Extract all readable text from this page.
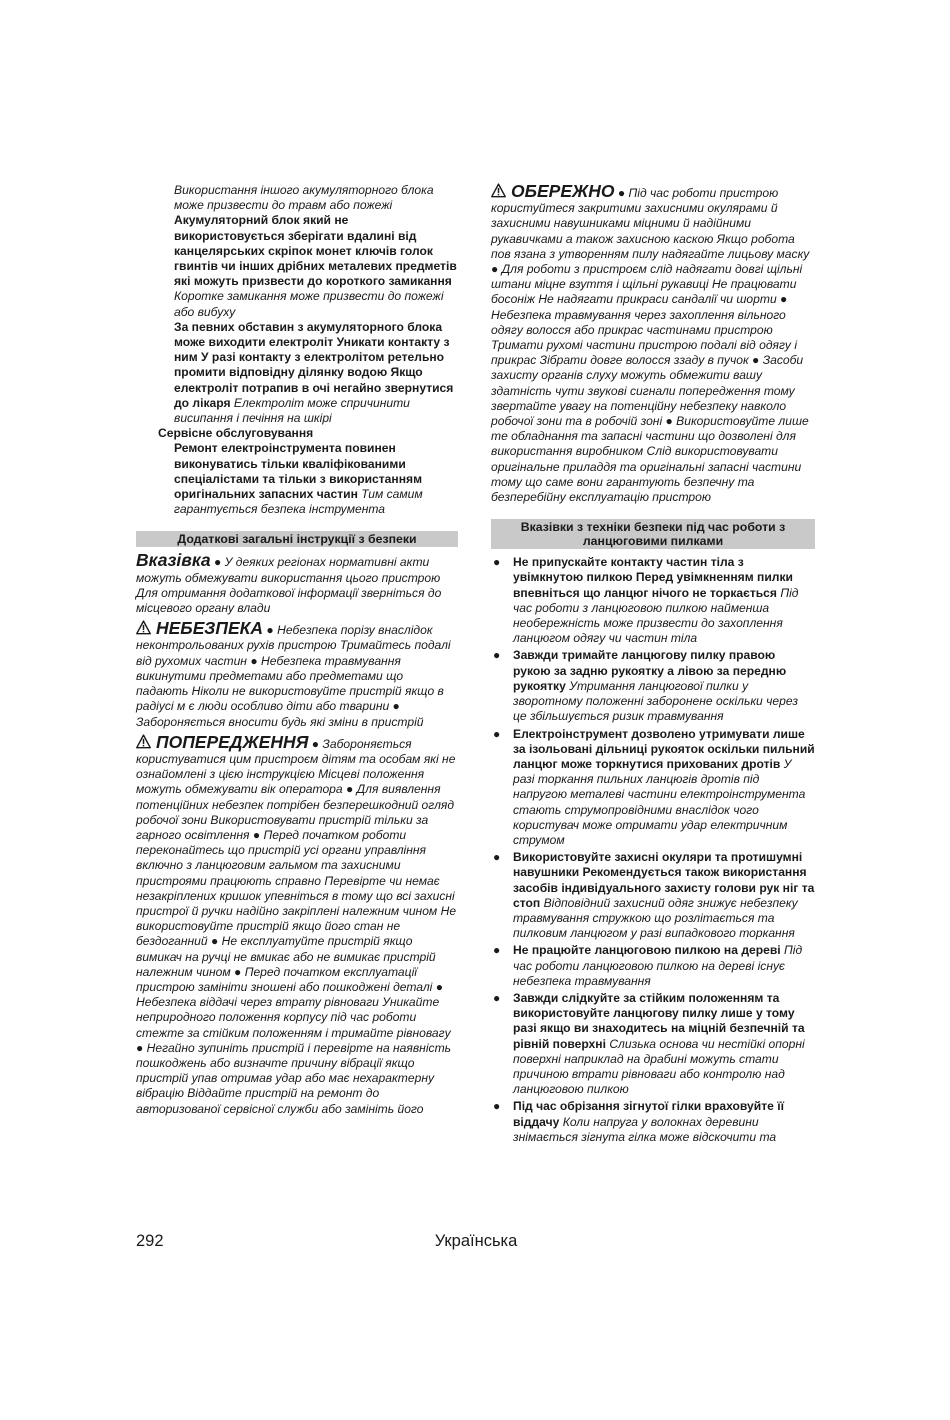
Використання іншого акумуляторного блока може призвести до травм або пожежі

Акумуляторний блок який не використовується зберігати вдалині від канцелярських скріпок монет ключів голок гвинтів чи інших дрібних металевих предметів які можуть призвести до короткого замикання Коротке замикання може призвести до пожежі або вибуху

За певних обставин з акумуляторного блока може виходити електроліт Уникати контакту з ним У разі контакту з електролітом ретельно промити відповідну ділянку водою Якщо електроліт потрапив в очі негайно звернутися до лікаря Електроліт може спричинити висипання і печіння на шкірі

Сервісне обслуговування

Ремонт електроінструмента повинен виконуватись тільки кваліфікованими спеціалістами та тільки з використанням оригінальних запасних частин Тим самим гарантується безпека інструмента

Додаткові загальні інструкції з безпеки

Вказівка ● У деяких регіонах нормативні акти можуть обмежувати використання цього пристрою Для отримання додаткової інформації зверніться до місцевого органу влади

НЕБЕЗПЕКА ● Небезпека порізу внаслідок неконтрольованих рухів пристрою Тримайтесь подалі від рухомих частин ● Небезпека травмування викинутими предметами або предметами що падають Ніколи не використовуйте пристрій якщо в радіусі м є люди особливо діти або тварини ● Забороняється вносити будь які зміни в пристрій

ПОПЕРЕДЖЕННЯ ● Забороняється користуватися цим пристроєм дітям та особам які не ознайомлені з цією інструкцією Місцеві положення можуть обмежувати вік оператора ● Для виявлення потенційних небезпек потрібен безперешкодний огляд робочої зони Використовувати пристрій тільки за гарного освітлення ● Перед початком роботи переконайтесь що пристрій усі органи управління включно з ланцюговим гальмом та захисними пристроями працюють справно Перевірте чи немає незакріплених кришок упевніться в тому що всі захисні пристрої й ручки надійно закріплені належним чином Не використовуйте пристрій якщо його стан не бездоганний ● Не експлуатуйте пристрій якщо вимикач на ручці не вмикає або не вимикає пристрій належним чином ● Перед початком експлуатації пристрою замініти зношені або пошкоджені деталі ● Небезпека віддачі через втрату рівноваги Уникайте неприродного положення корпусу під час роботи стежте за стійким положенням і тримайте рівновагу ● Негайно зупиніть пристрій і перевірте на наявність пошкоджень або визначте причину вібрації якщо пристрій упав отримав удар або має нехарактерну вібрацію Віддайте пристрій на ремонт до авторизованої сервісної служби або замініть його

ОБЕРЕЖНО ● Під час роботи пристрою користуйтеся закритими захисними окулярами й захисними навушниками міцними й надійними рукавичками а також захисною каскою Якщо робота пов язана з утворенням пилу надягайте лицьову маску ● Для роботи з пристроєм слід надягати довгі щільні штани міцне взуття і щільні рукавиці Не працювати босоніж Не надягати прикраси сандалії чи шорти ● Небезпека травмування через захоплення вільного одягу волосся або прикрас частинами пристрою Тримати рухомі частини пристрою подалі від одягу і прикрас Зібрати довге волосся ззаду в пучок ● Засоби захисту органів слуху можуть обмежити вашу здатність чути звукові сигнали попередження тому звертайте увагу на потенційну небезпеку навколо робочої зони та в робочій зоні ● Використовуйте лише те обладнання та запасні частини що дозволені для використання виробником Слід використовувати оригінальне приладдя та оригінальні запасні частини тому що саме вони гарантують безпечну та безперебійну експлуатацію пристрою

Вказівки з техніки безпеки під час роботи з ланцюговими пилками
● Не припускайте контакту частин тіла з увімкнутою пилкою Перед увімкненням пилки впевніться що ланцюг нічого не торкається Під час роботи з ланцюговою пилкою найменша необережність може призвести до захоплення ланцюгом одягу чи частин тіла
● Завжди тримайте ланцюгову пилку правою рукою за задню рукоятку а лівою за передню рукоятку Утримання ланцюгової пилки у зворотному положенні заборонене оскільки через це збільшується ризик травмування
● Електроінструмент дозволено утримувати лише за ізольовані дільниці рукояток оскільки пильний ланцюг може торкнутися прихованих дротів У разі торкання пильних ланцюгів дротів під напругою металеві частини електроінструмента стають струмопровідними внаслідок чого користувач може отримати удар електричним струмом
● Використовуйте захисні окуляри та протишумні навушники Рекомендується також використання засобів індивідуального захисту голови рук ніг та стоп Відповідний захисний одяг знижує небезпеку травмування стружкою що розлітається та пилковим ланцюгом у разі випадкового торкання
● Не працюйте ланцюговою пилкою на дереві Під час роботи ланцюговою пилкою на дереві існує небезпека травмування
● Завжди слідкуйте за стійким положенням та використовуйте ланцюгову пилку лише у тому разі якщо ви знаходитесь на міцній безпечній та рівній поверхні Слизька основа чи нестійкі опорні поверхні наприклад на драбині можуть стати причиною втрати рівноваги або контролю над ланцюговою пилкою
● Під час обрізання зігнутої гілки враховуйте її віддачу Коли напруга у волокнах деревини знімається зігнута гілка може відскочити та
292	Українська
